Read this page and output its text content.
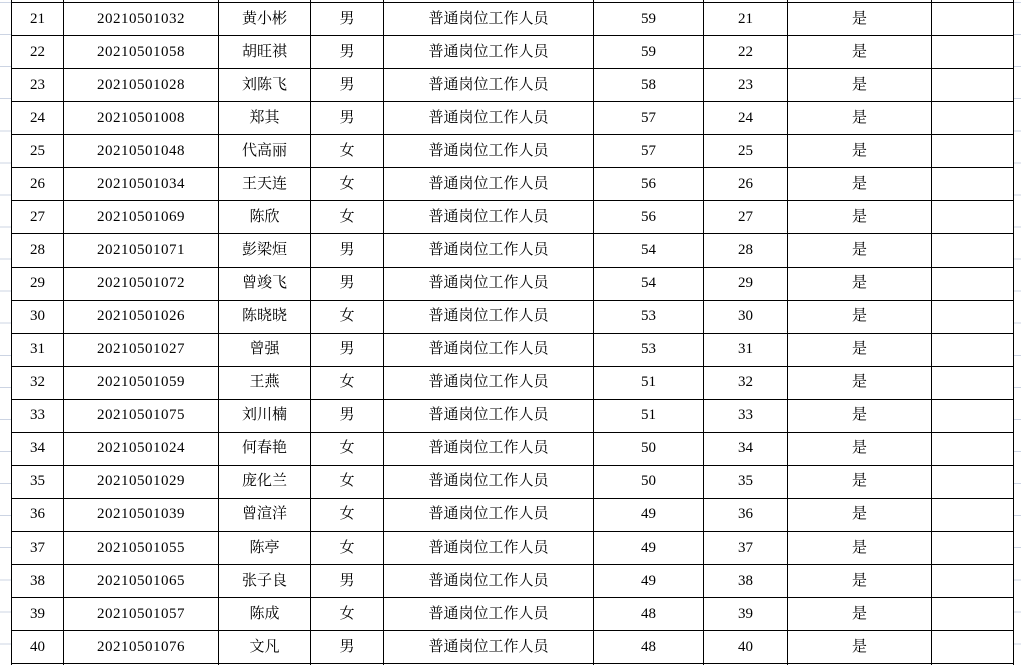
21	20210501032	黄小彬	男	普通岗位工作人员	59	21	是	
22	20210501058	胡旺祺	男	普通岗位工作人员	59	22	是	
23	20210501028	刘陈飞	男	普通岗位工作人员	58	23	是	
24	20210501008	郑其	男	普通岗位工作人员	57	24	是	
25	20210501048	代高丽	女	普通岗位工作人员	57	25	是	
26	20210501034	王天连	女	普通岗位工作人员	56	26	是	
27	20210501069	陈欣	女	普通岗位工作人员	56	27	是	
28	20210501071	彭梁烜	男	普通岗位工作人员	54	28	是	
29	20210501072	曾竣飞	男	普通岗位工作人员	54	29	是	
30	20210501026	陈晓晓	女	普通岗位工作人员	53	30	是	
31	20210501027	曾强	男	普通岗位工作人员	53	31	是	
32	20210501059	王燕	女	普通岗位工作人员	51	32	是	
33	20210501075	刘川楠	男	普通岗位工作人员	51	33	是	
34	20210501024	何春艳	女	普通岗位工作人员	50	34	是	
35	20210501029	庞化兰	女	普通岗位工作人员	50	35	是	
36	20210501039	曾渲洋	女	普通岗位工作人员	49	36	是	
37	20210501055	陈亭	女	普通岗位工作人员	49	37	是	
38	20210501065	张子良	男	普通岗位工作人员	49	38	是	
39	20210501057	陈成	女	普通岗位工作人员	48	39	是	
40	20210501076	文凡	男	普通岗位工作人员	48	40	是	
